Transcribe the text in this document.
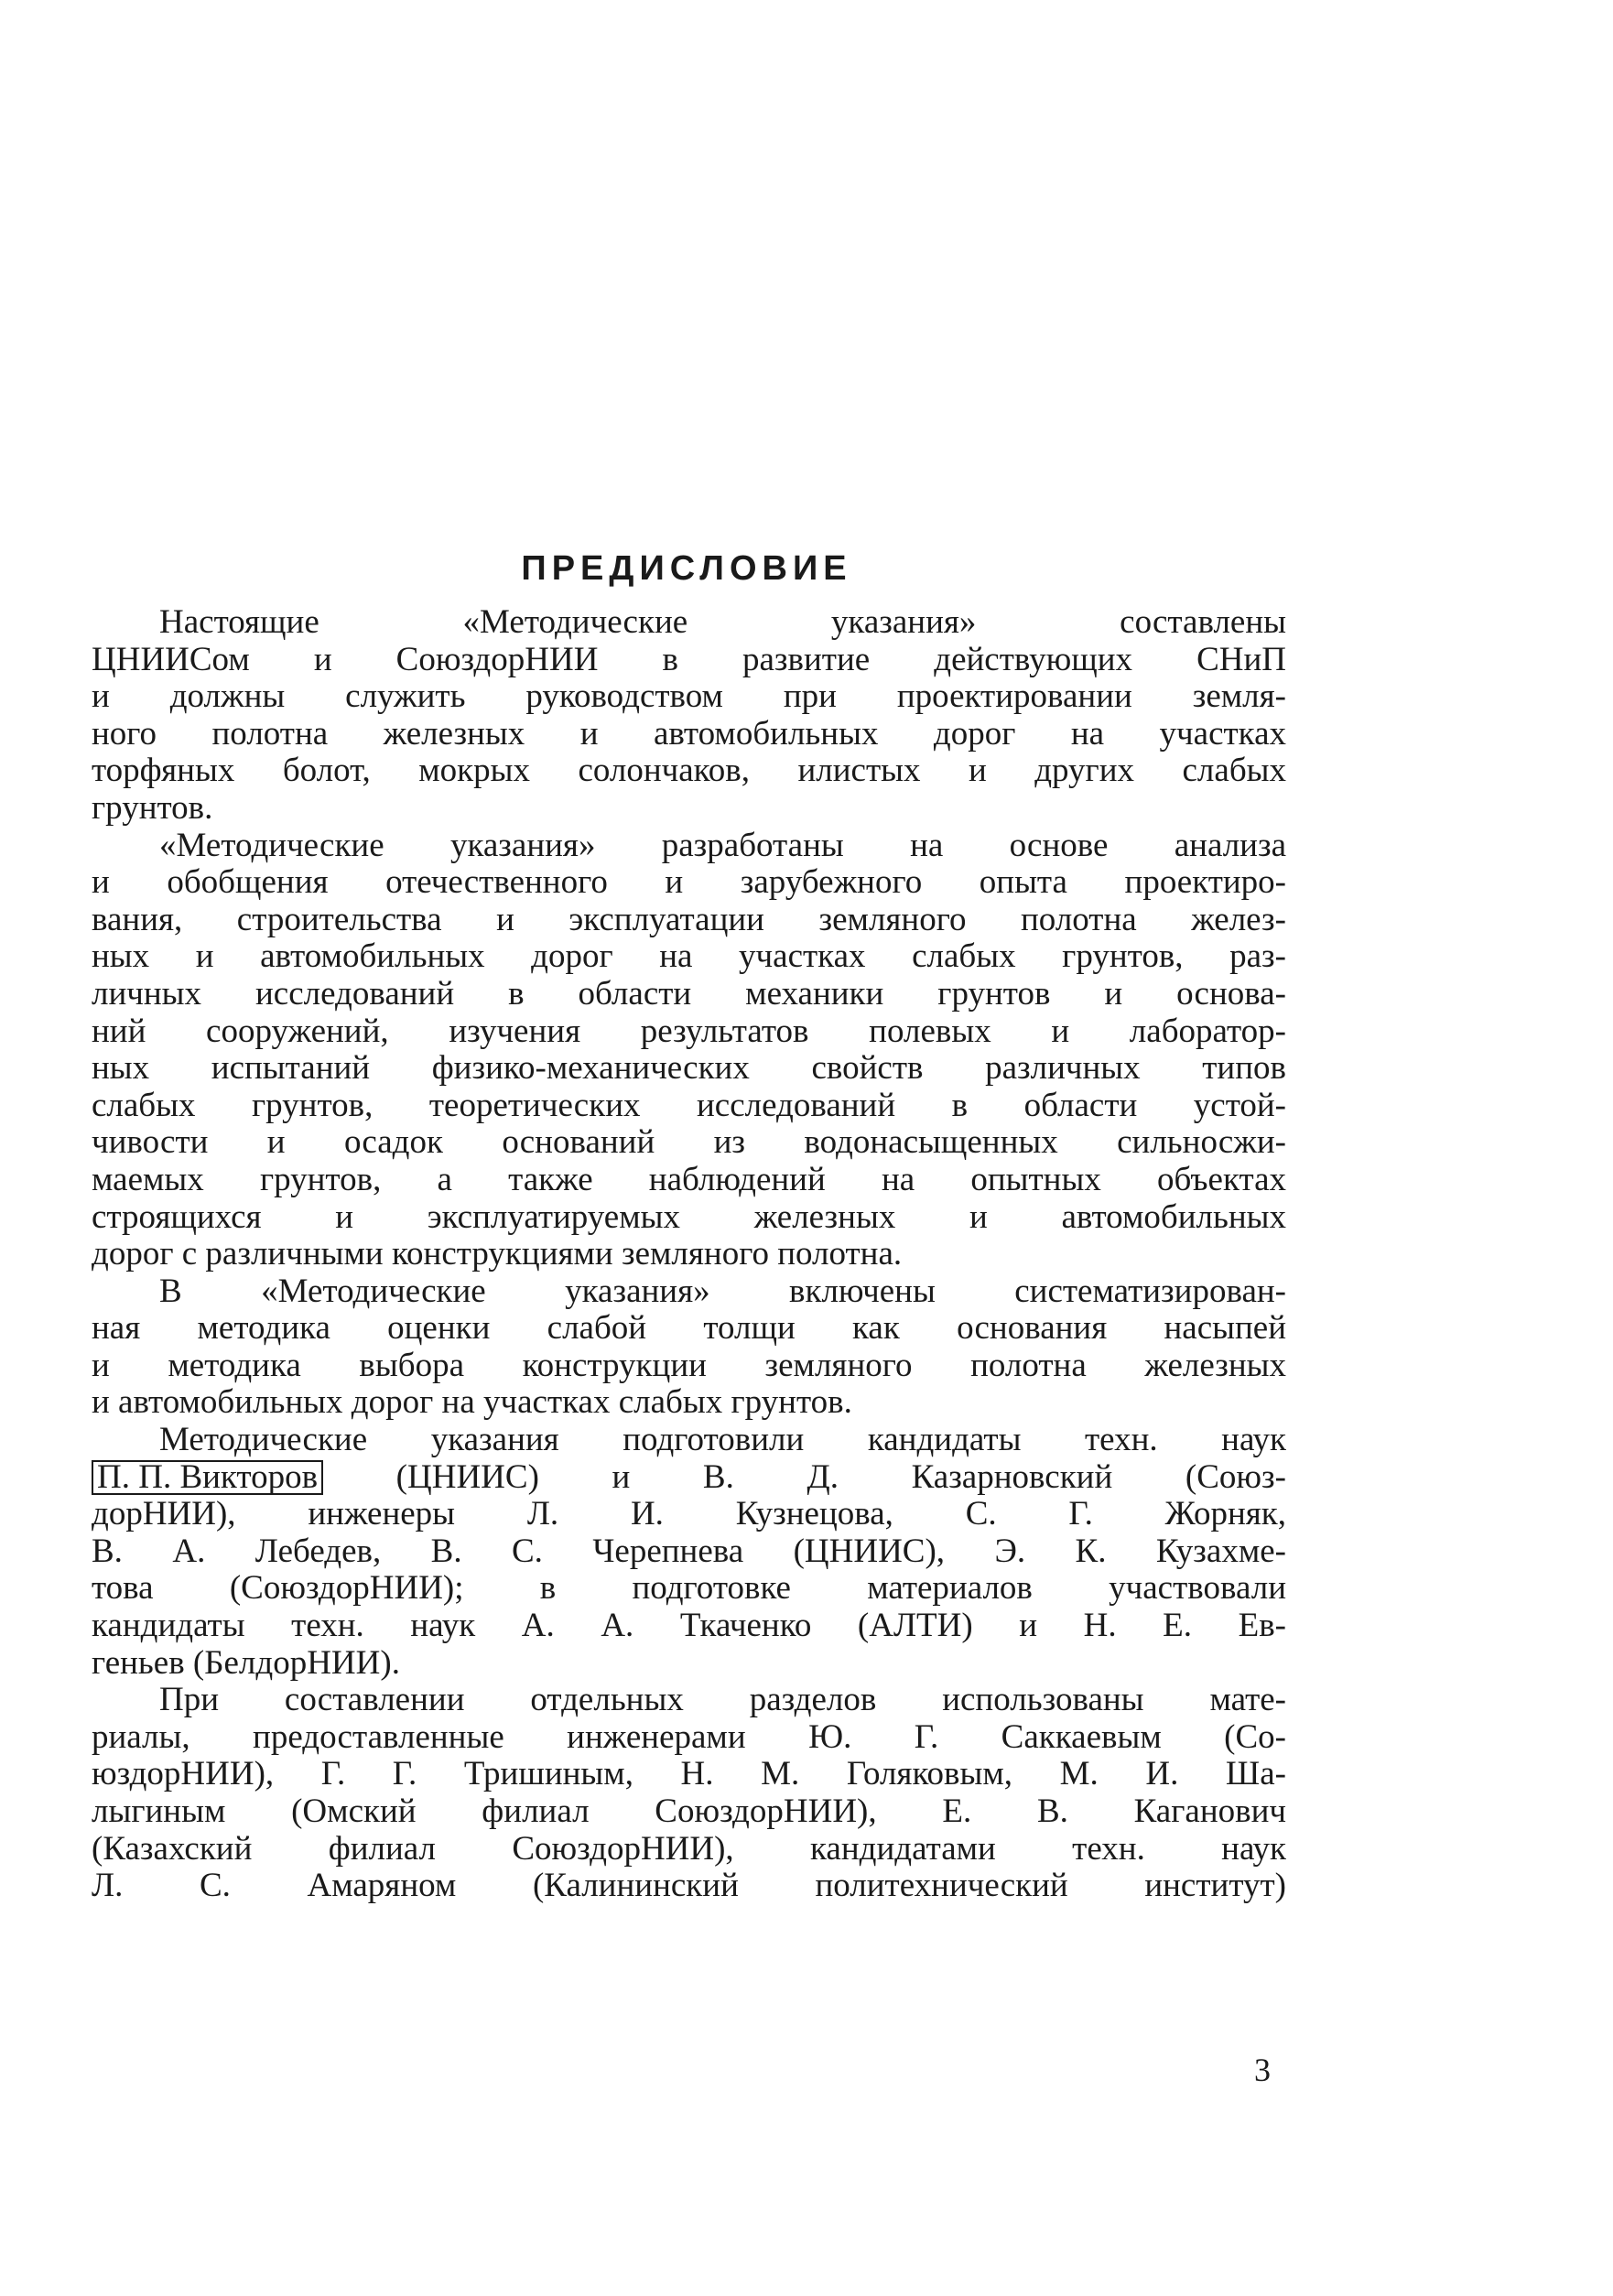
ПРЕДИСЛОВИЕ
Настоящие «Методические указания» составлены
ЦНИИСом и СоюздорНИИ в развитие действующих СНиП
и должны служить руководством при проектировании земля-
ного полотна железных и автомобильных дорог на участках
торфяных болот, мокрых солончаков, илистых и других слабых
грунтов.
«Методические указания» разработаны на основе анализа
и обобщения отечественного и зарубежного опыта проектиро-
вания, строительства и эксплуатации земляного полотна желез-
ных и автомобильных дорог на участках слабых грунтов, раз-
личных исследований в области механики грунтов и основа-
ний сооружений, изучения результатов полевых и лаборатор-
ных испытаний физико-механических свойств различных типов
слабых грунтов, теоретических исследований в области устой-
чивости и осадок оснований из водонасыщенных сильносжи-
маемых грунтов, а также наблюдений на опытных объектах
строящихся и эксплуатируемых железных и автомобильных
дорог с различными конструкциями земляного полотна.
В «Методические указания» включены систематизирован-
ная методика оценки слабой толщи как основания насыпей
и методика выбора конструкции земляного полотна железных
и автомобильных дорог на участках слабых грунтов.
Методические указания подготовили кандидаты техн. наук
П. П. Викторов (ЦНИИС) и В. Д. Казарновский (Союз-
дорНИИ), инженеры Л. И. Кузнецова, С. Г. Жорняк,
В. А. Лебедев, В. С. Черепнева (ЦНИИС), Э. К. Кузахме-
това (СоюздорНИИ); в подготовке материалов участвовали
кандидаты техн. наук А. А. Ткаченко (АЛТИ) и Н. Е. Ев-
геньев (БелдорНИИ).
При составлении отдельных разделов использованы мате-
риалы, предоставленные инженерами Ю. Г. Саккаевым (Со-
юздорНИИ), Г. Г. Тришиным, Н. М. Голяковым, М. И. Ша-
лыгиным (Омский филиал СоюздорНИИ), Е. В. Каганович
(Казахский филиал СоюздорНИИ), кандидатами техн. наук
Л. С. Амаряном (Калининский политехнический институт)
3
